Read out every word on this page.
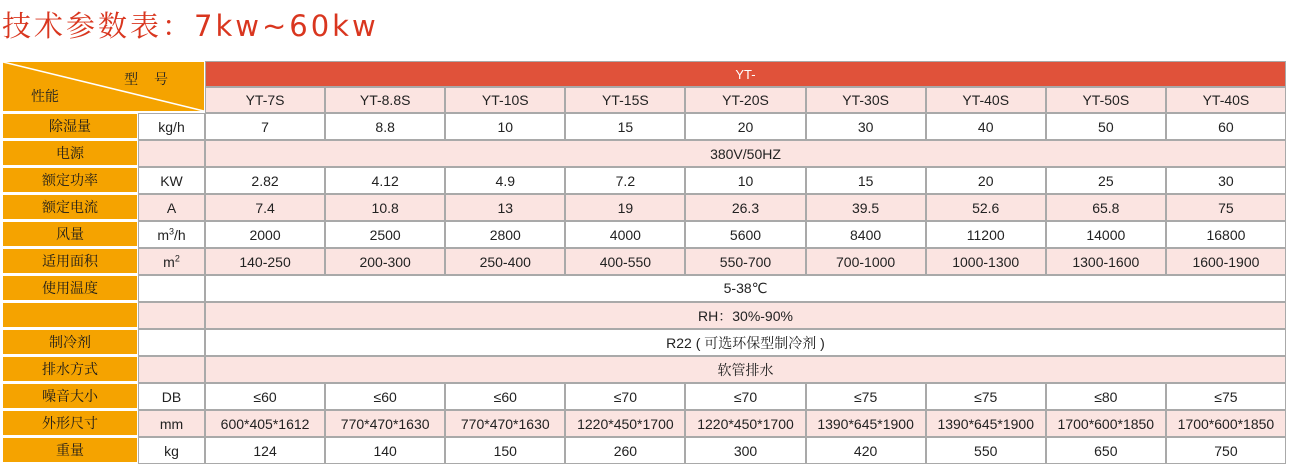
技术参数表：7kw~60kw
型 号
性能		YT-								
		YT-7S	YT-8.8S	YT-10S	YT-15S	YT-20S	YT-30S	YT-40S	YT-50S	YT-40S
除湿量	kg/h	7	8.8	10	15	20	30	40	50	60
电源		380V/50HZ								
额定功率	KW	2.82	4.12	4.9	7.2	10	15	20	25	30
额定电流	A	7.4	10.8	13	19	26.3	39.5	52.6	65.8	75
风量	$m^3/h$	2000	2500	2800	4000	5600	8400	11200	14000	16800
适用面积	$m^2$	140-250	200-300	250-400	400-550	550-700	700-1000	1000-1300	1300-1600	1600-1900
使用温度		5-38℃								
		RH：30%-90%								
制冷剂		R22 ( 可选环保型制冷剂 )								
排水方式		软管排水								
噪音大小	DB	≤60	≤60	≤60	≤70	≤70	≤75	≤75	≤80	≤75
外形尺寸	mm	600*405*1612	770*470*1630	770*470*1630	1220*450*1700	1220*450*1700	1390*645*1900	1390*645*1900	1700*600*1850	1700*600*1850
重量	kg	124	140	150	260	300	420	550	650	750
